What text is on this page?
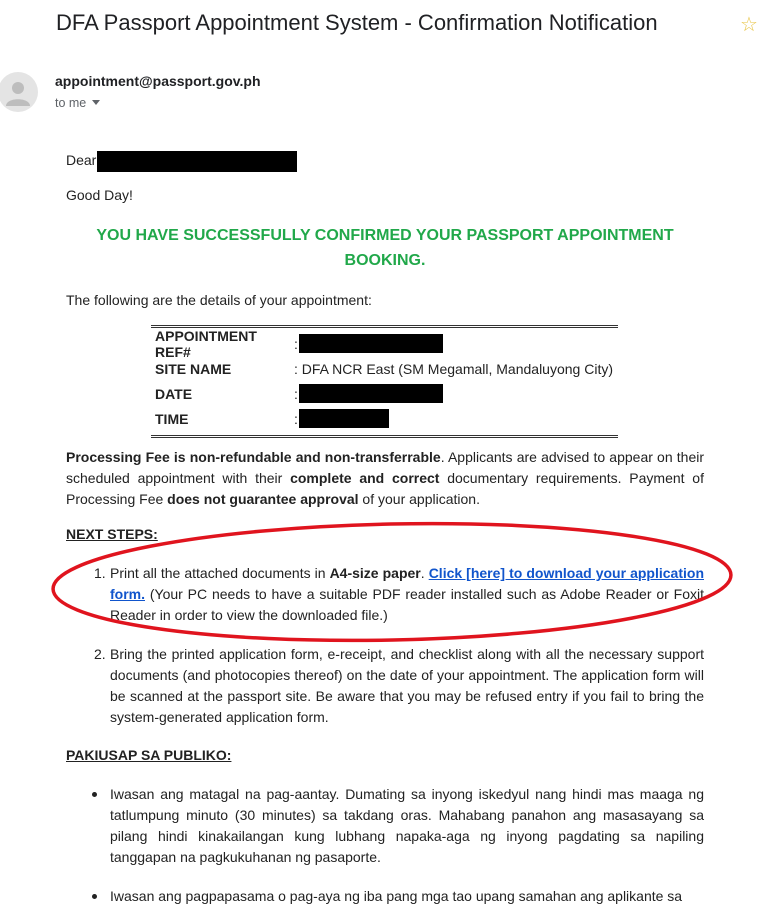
DFA Passport Appointment System - Confirmation Notification	☆
appointment@passport.gov.ph
to me
Dear
Good Day!
YOU HAVE SUCCESSFULLY CONFIRMED YOUR PASSPORT APPOINTMENT BOOKING.
The following are the details of your appointment:
APPOINTMENT REF#	:
SITE NAME	: DFA NCR East (SM Megamall, Mandaluyong City)
DATE	:
TIME	:
Processing Fee is non-refundable and non-transferrable. Applicants are advised to appear on their scheduled appointment with their complete and correct documentary requirements. Payment of Processing Fee does not guarantee approval of your application.
NEXT STEPS:
1. Print all the attached documents in A4-size paper. Click [here] to download your application form. (Your PC needs to have a suitable PDF reader installed such as Adobe Reader or Foxit Reader in order to view the downloaded file.)
2. Bring the printed application form, e-receipt, and checklist along with all the necessary support documents (and photocopies thereof) on the date of your appointment. The application form will be scanned at the passport site. Be aware that you may be refused entry if you fail to bring the system-generated application form.
PAKIUSAP SA PUBLIKO:
Iwasan ang matagal na pag-aantay. Dumating sa inyong iskedyul nang hindi mas maaga ng tatlumpung minuto (30 minutes) sa takdang oras. Mahabang panahon ang masasayang sa pilang hindi kinakailangan kung lubhang napaka-aga ng inyong pagdating sa napiling tanggapan na pagkukuhanan ng pasaporte.
Iwasan ang pagpapasama o pag-aya ng iba pang mga tao upang samahan ang aplikante sa
